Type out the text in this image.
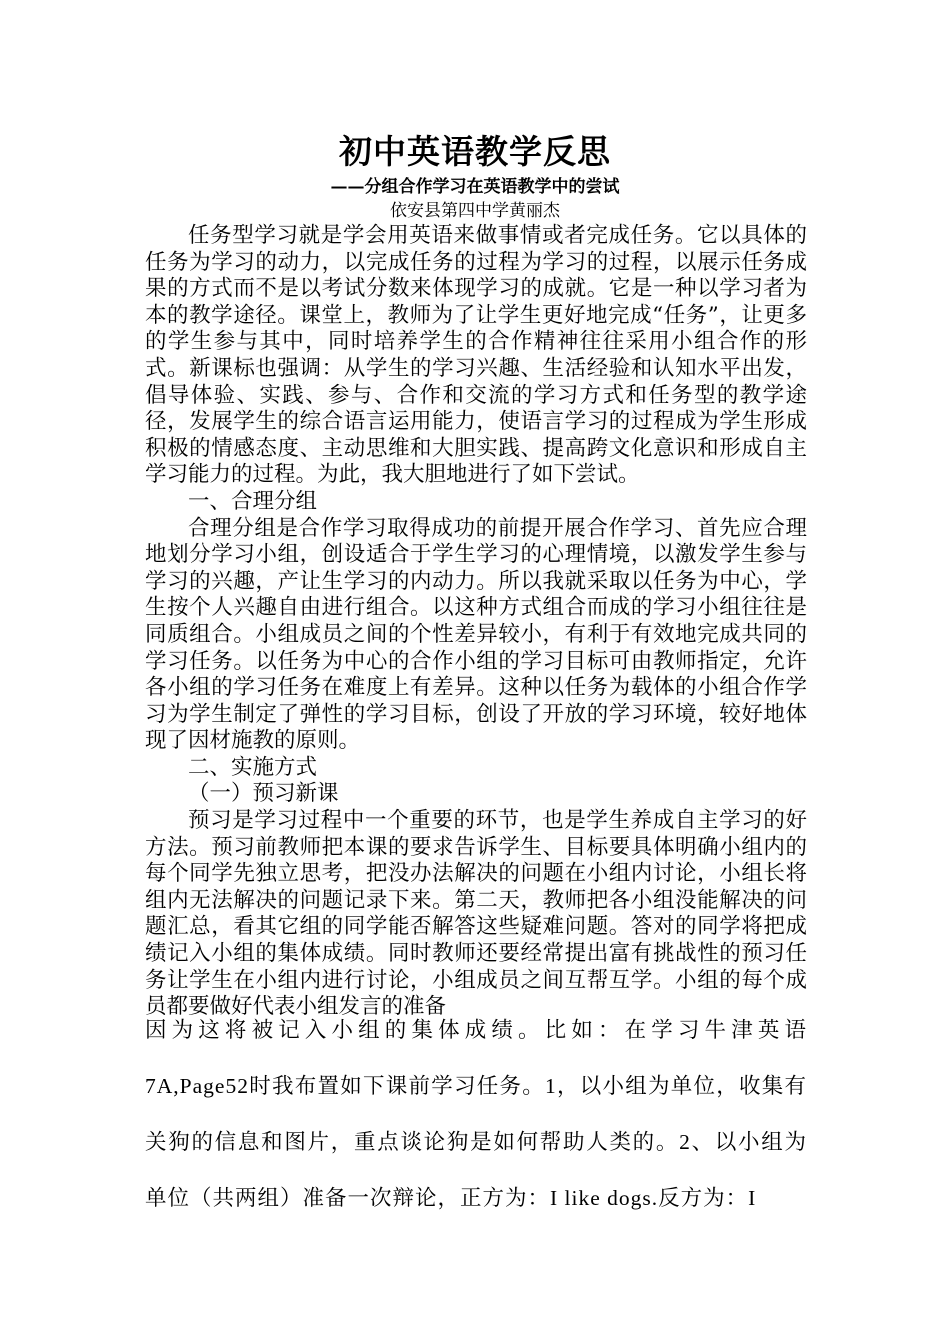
初中英语教学反思
——分组合作学习在英语教学中的尝试
依安县第四中学黄丽杰

任务型学习就是学会用英语来做事情或者完成任务。它以具体的任务为学习的动力，以完成任务的过程为学习的过程，以展示任务成果的方式而不是以考试分数来体现学习的成就。它是一种以学习者为本的教学途径。课堂上，教师为了让学生更好地完成“任务”，让更多的学生参与其中，同时培养学生的合作精神往往采用小组合作的形式。新课标也强调：从学生的学习兴趣、生活经验和认知水平出发，倡导体验、实践、参与、合作和交流的学习方式和任务型的教学途径，发展学生的综合语言运用能力，使语言学习的过程成为学生形成积极的情感态度、主动思维和大胆实践、提高跨文化意识和形成自主学习能力的过程。为此，我大胆地进行了如下尝试。

一、合理分组

合理分组是合作学习取得成功的前提开展合作学习、首先应合理地划分学习小组，创设适合于学生学习的心理情境，以激发学生参与学习的兴趣，产让生学习的内动力。所以我就采取以任务为中心，学生按个人兴趣自由进行组合。以这种方式组合而成的学习小组往往是同质组合。小组成员之间的个性差异较小，有利于有效地完成共同的学习任务。以任务为中心的合作小组的学习目标可由教师指定，允许各小组的学习任务在难度上有差异。这种以任务为载体的小组合作学习为学生制定了弹性的学习目标，创设了开放的学习环境，较好地体现了因材施教的原则。

二、实施方式

（一）预习新课

预习是学习过程中一个重要的环节，也是学生养成自主学习的好方法。预习前教师把本课的要求告诉学生、目标要具体明确小组内的每个同学先独立思考，把没办法解决的问题在小组内讨论，小组长将组内无法解决的问题记录下来。第二天，教师把各小组没能解决的问题汇总，看其它组的同学能否解答这些疑难问题。答对的同学将把成绩记入小组的集体成绩。同时教师还要经常提出富有挑战性的预习任务让学生在小组内进行讨论，小组成员之间互帮互学。小组的每个成员都要做好代表小组发言的准备

因为这将被记入小组的集体成绩。比如：在学习牛津英语7A,Page52时我布置如下课前学习任务。1，以小组为单位，收集有关狗的信息和图片，重点谈论狗是如何帮助人类的。2、以小组为单位（共两组）准备一次辩论，正方为：I like dogs.反方为：I
